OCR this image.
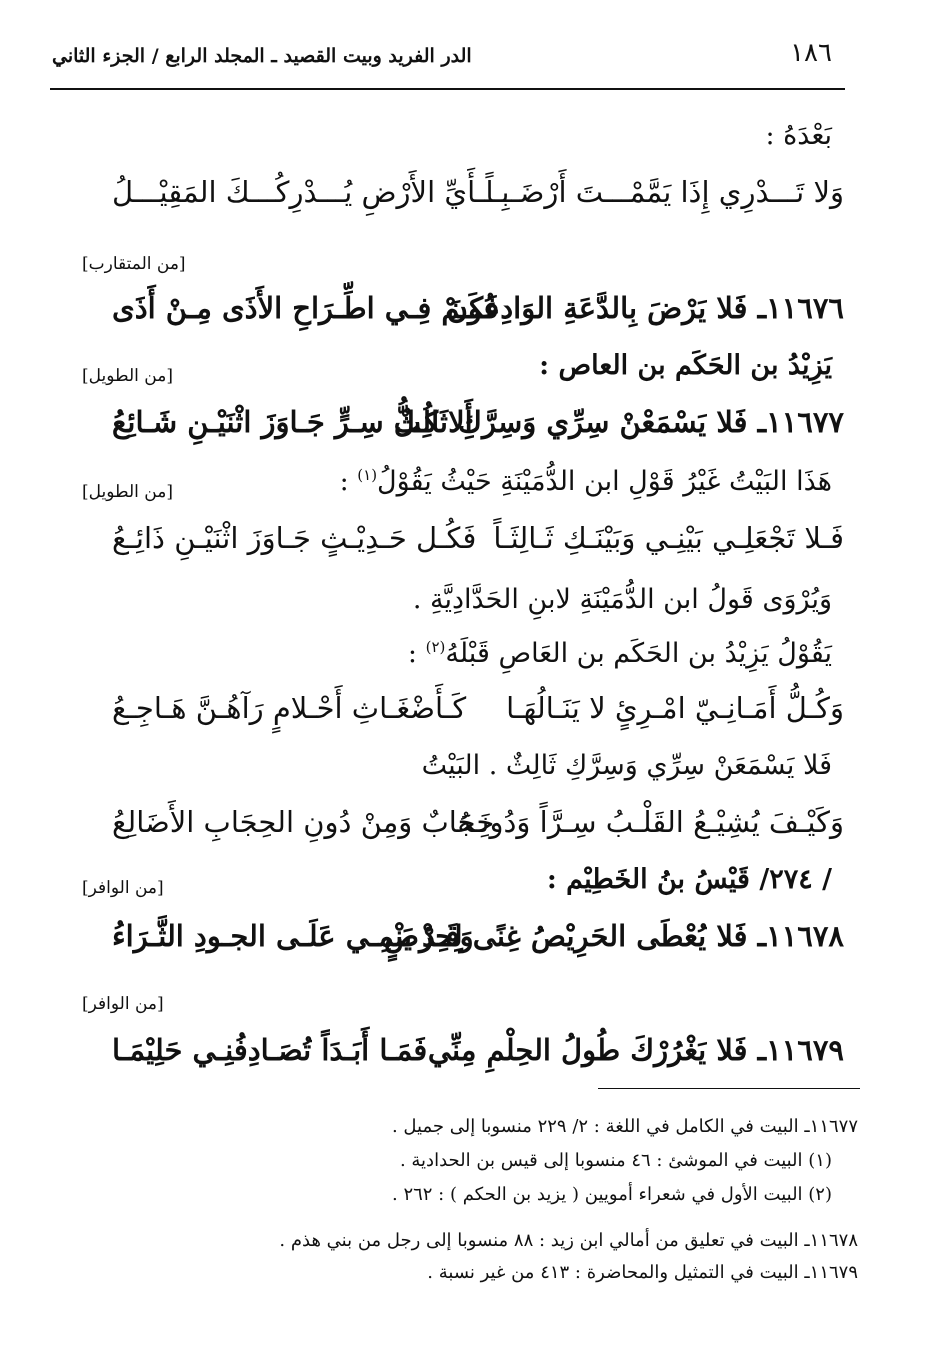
١٨٦
الدر الفريد وبيت القصيد ـ المجلد الرابع / الجزء الثاني
بَعْدَهُ :
وَلا تَـــدْرِي إِذَا يَمَّمْـــتَ أَرْضَـــاً
بِـــأَيِّ الأَرْضِ يُـــدْرِكُـــكَ المَقِيْـــلُ
[من المتقارب]
١١٦٧٦ـ فَلا يَرْضَ بِالدَّعَةِ الوَادِعُونَ
فَكَـمْ فِـي اطِّـرَاحِ الأَذَى مِـنْ أَذَى
يَزِيْدُ بن الحَكَم بن العاص :
[من الطويل]
١١٦٧٧ـ فَلا يَسْمَعْنْ سِرِّي وَسِرَّكِ ثَالِثٌ
أَلا كُـلُّ سِـرٍّ جَـاوَزَ اثْنَيْـنِ شَـائِعُ
هَذَا البَيْتُ غَيْرُ قَوْلِ ابن الدُّمَيْنَةِ حَيْثُ يَقُوْلُ$^{(١)}$ :
[من الطويل]
فَـلا تَجْعَلِـي بَيْنِـي وَبَيْنَـكِ ثَـالِثَـاً
فَكُـل حَـدِيْـثٍ جَـاوَزَ اثْنَيْـنِ ذَائِـعُ
وَيُرْوَى قَولُ ابن الدُّمَيْنَةِ لابنِ الحَدَّادِيَّةِ .
يَقُوْلُ يَزِيْدُ بن الحَكَم بن العَاصِ قَبْلَهُ$^{(٢)}$ :
وَكُـلُّ أَمَـانِـيّ امْـرِئٍ لا يَنَـالُهَـا
كَـأَضْغَـاثِ أَحْـلامٍ رَآهُـنَّ هَـاجِـعُ
فَلا يَسْمَعَنْ سِرِّي وَسِرَّكِ ثَالِثٌ . البَيْتُ
وَكَيْـفَ يُشِيْـعُ القَلْـبُ سِـرَّاً وَدُونَـهُ
حِجَابٌ وَمِنْ دُونِ الحِجَابِ الأَضَالِعُ
/ ٢٧٤/ قَيْسُ بنُ الخَطِيْم :
[من الوافر]
١١٦٧٨ـ فَلا يُعْطَى الحَرِيْصُ غِنًى لِحِرْصٍ
وَقَـدْ يَنْمِـي عَلَـى الجـودِ الثَّـرَاءُ
[من الوافر]
١١٦٧٩ـ فَلا يَغْرُرْكَ طُولُ الحِلْمِ مِنِّي
فَمَـا أَبَـدَاً تُصَـادِفُنِـي حَلِيْمَـا
١١٦٧٧ـ البيت في الكامل في اللغة : ٢/ ٢٢٩ منسوبا إلى جميل .
(١) البيت في الموشئ : ٤٦ منسوبا إلى قيس بن الحدادية .
(٢) البيت الأول في شعراء أمويين ( يزيد بن الحكم ) : ٢٦٢ .
١١٦٧٨ـ البيت في تعليق من أمالي ابن زيد : ٨٨ منسوبا إلى رجل من بني هذم .
١١٦٧٩ـ البيت في التمثيل والمحاضرة : ٤١٣ من غير نسبة .
